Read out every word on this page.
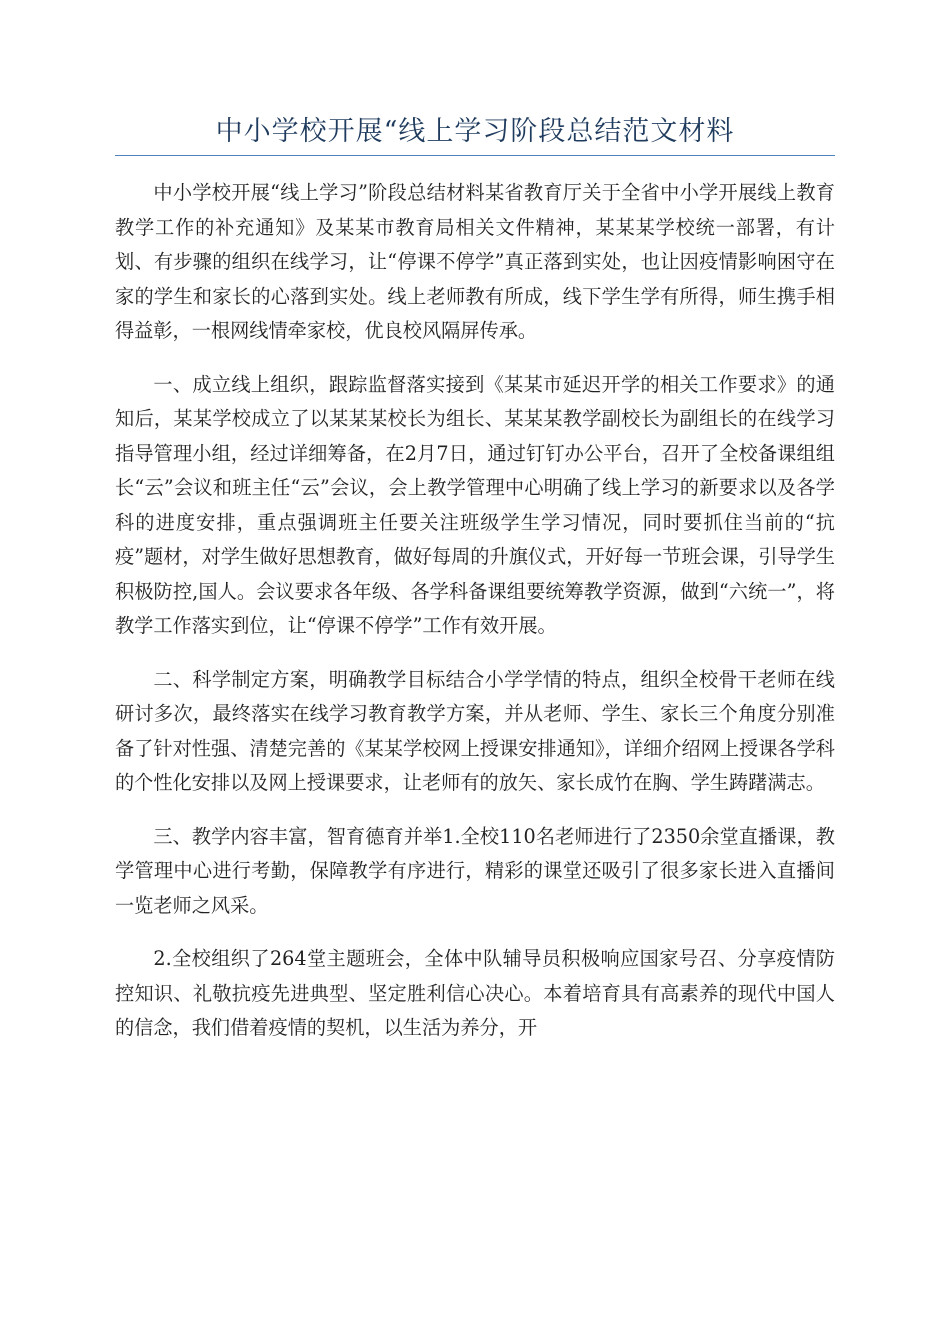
中小学校开展“线上学习阶段总结范文材料

中小学校开展“线上学习”阶段总结材料某省教育厅关于全省中小学开展线上教育教学工作的补充通知》及某某市教育局相关文件精神，某某某学校统一部署，有计划、有步骤的组织在线学习，让“停课不停学”真正落到实处，也让因疫情影响困守在家的学生和家长的心落到实处。线上老师教有所成，线下学生学有所得，师生携手相得益彰，一根网线情牵家校，优良校风隔屏传承。

一、成立线上组织，跟踪监督落实接到《某某市延迟开学的相关工作要求》的通知后，某某学校成立了以某某某校长为组长、某某某教学副校长为副组长的在线学习指导管理小组，经过详细筹备，在2月7日，通过钉钉办公平台，召开了全校备课组组长“云”会议和班主任“云”会议，会上教学管理中心明确了线上学习的新要求以及各学科的进度安排，重点强调班主任要关注班级学生学习情况，同时要抓住当前的“抗疫”题材，对学生做好思想教育，做好每周的升旗仪式，开好每一节班会课，引导学生积极防控,国人。会议要求各年级、各学科备课组要统筹教学资源，做到“六统一”，将教学工作落实到位，让“停课不停学”工作有效开展。

二、科学制定方案，明确教学目标结合小学学情的特点，组织全校骨干老师在线研讨多次，最终落实在线学习教育教学方案，并从老师、学生、家长三个角度分别准备了针对性强、清楚完善的《某某学校网上授课安排通知》，详细介绍网上授课各学科的个性化安排以及网上授课要求，让老师有的放矢、家长成竹在胸、学生踌躇满志。

三、教学内容丰富，智育德育并举1.全校110名老师进行了2350余堂直播课，教学管理中心进行考勤，保障教学有序进行，精彩的课堂还吸引了很多家长进入直播间一览老师之风采。

2.全校组织了264堂主题班会，全体中队辅导员积极响应国家号召、分享疫情防控知识、礼敬抗疫先进典型、坚定胜利信心决心。本着培育具有高素养的现代中国人的信念，我们借着疫情的契机，以生活为养分，开
